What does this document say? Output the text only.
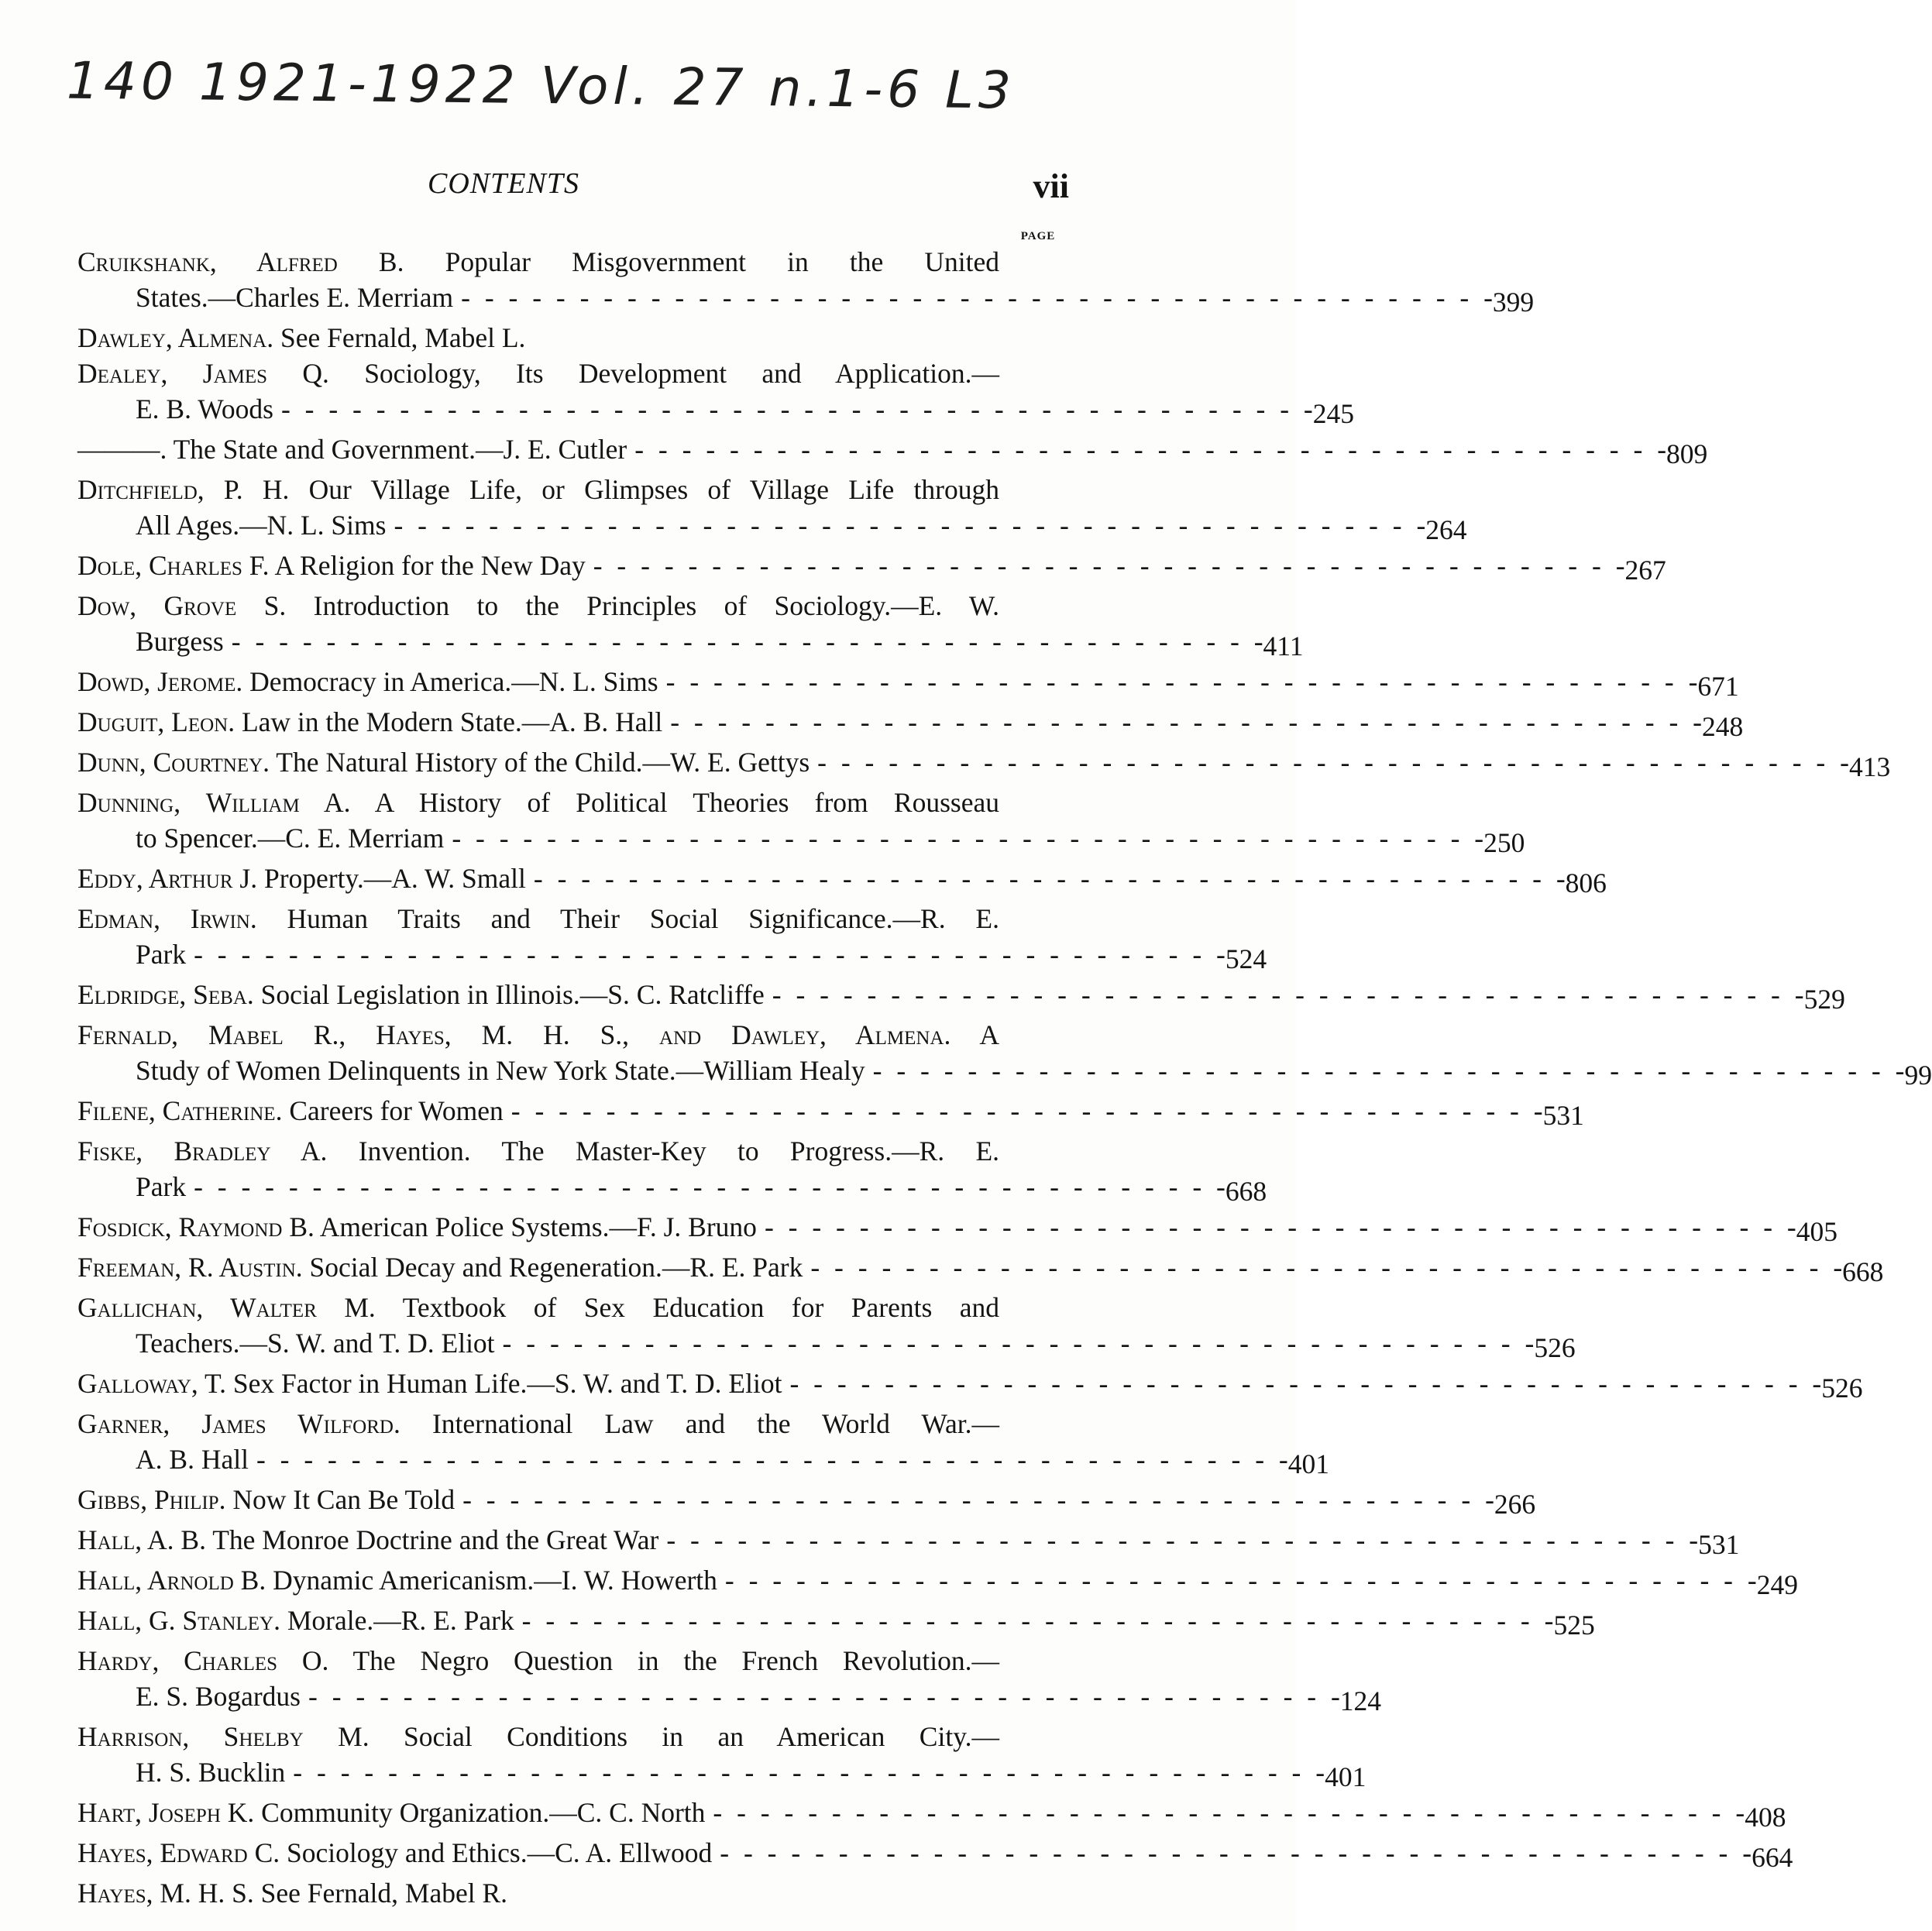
140 1921-1922 Vol. 27 n.1-6 L3
CONTENTS	vii
PAGE
Cruikshank, Alfred B. Popular Misgovernment in the United
States.—Charles E. Merriam - -	399
Dawley, Almena. See Fernald, Mabel L.
Dealey, James Q. Sociology, Its Development and Application.—
E. B. Woods - -	245
———. The State and Government.—J. E. Cutler - -	809
Ditchfield, P. H. Our Village Life, or Glimpses of Village Life through
All Ages.—N. L. Sims - -	264
Dole, Charles F. A Religion for the New Day - -	267
Dow, Grove S. Introduction to the Principles of Sociology.—E. W.
Burgess - -	411
Dowd, Jerome. Democracy in America.—N. L. Sims - -	671
Duguit, Leon. Law in the Modern State.—A. B. Hall - -	248
Dunn, Courtney. The Natural History of the Child.—W. E. Gettys - -	413
Dunning, William A. A History of Political Theories from Rousseau
to Spencer.—C. E. Merriam - -	250
Eddy, Arthur J. Property.—A. W. Small - -	806
Edman, Irwin. Human Traits and Their Social Significance.—R. E.
Park - -	524
Eldridge, Seba. Social Legislation in Illinois.—S. C. Ratcliffe - -	529
Fernald, Mabel R., Hayes, M. H. S., and Dawley, Almena. A
Study of Women Delinquents in New York State.—William Healy - -	99
Filene, Catherine. Careers for Women - -	531
Fiske, Bradley A. Invention. The Master-Key to Progress.—R. E.
Park - -	668
Fosdick, Raymond B. American Police Systems.—F. J. Bruno - -	405
Freeman, R. Austin. Social Decay and Regeneration.—R. E. Park - -	668
Gallichan, Walter M. Textbook of Sex Education for Parents and
Teachers.—S. W. and T. D. Eliot - -	526
Galloway, T. Sex Factor in Human Life.—S. W. and T. D. Eliot - -	526
Garner, James Wilford. International Law and the World War.—
A. B. Hall - -	401
Gibbs, Philip. Now It Can Be Told - -	266
Hall, A. B. The Monroe Doctrine and the Great War - -	531
Hall, Arnold B. Dynamic Americanism.—I. W. Howerth - -	249
Hall, G. Stanley. Morale.—R. E. Park - -	525
Hardy, Charles O. The Negro Question in the French Revolution.—
E. S. Bogardus - -	124
Harrison, Shelby M. Social Conditions in an American City.—
H. S. Bucklin - -	401
Hart, Joseph K. Community Organization.—C. C. North - -	408
Hayes, Edward C. Sociology and Ethics.—C. A. Ellwood - -	664
Hayes, M. H. S. See Fernald, Mabel R.
